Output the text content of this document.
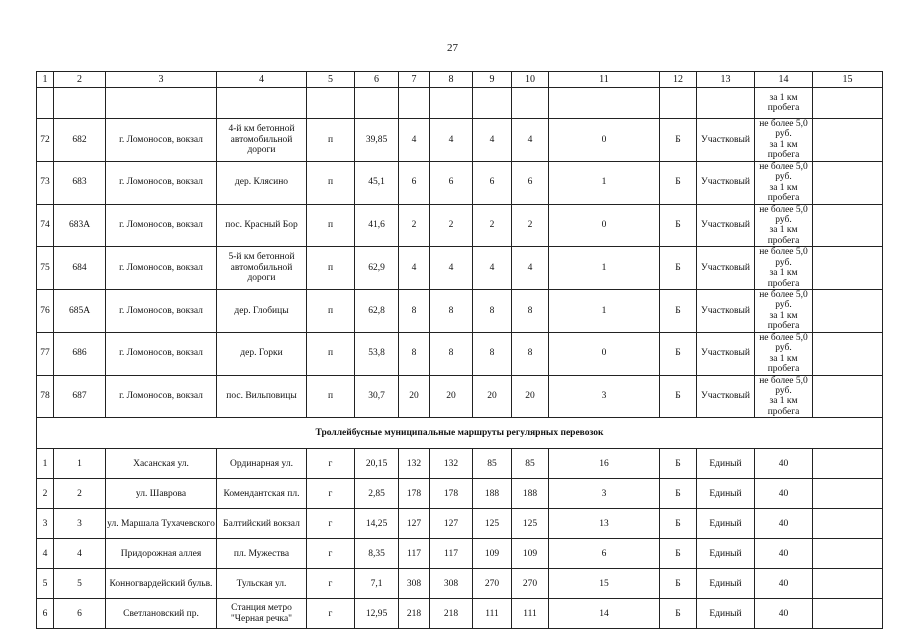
27
1	2	3	4	5	6	7	8	9	10	11	12	13	14	15

													за 1 км
пробега	

72	682	г. Ломоносов, вокзал	4-й км бетонной автомобильной дороги	п	39,85	4	4	4	4	0	Б	Участковый	не более 5,0
руб.
за 1 км
пробега	

73	683	г. Ломоносов, вокзал	дер. Клясино	п	45,1	6	6	6	6	1	Б	Участковый	не более 5,0
руб.
за 1 км
пробега	

74	683А	г. Ломоносов, вокзал	пос. Красный Бор	п	41,6	2	2	2	2	0	Б	Участковый	не более 5,0
руб.
за 1 км
пробега	

75	684	г. Ломоносов, вокзал	5-й км бетонной автомобильной дороги	п	62,9	4	4	4	4	1	Б	Участковый	не более 5,0
руб.
за 1 км
пробега	

76	685А	г. Ломоносов, вокзал	дер. Глобицы	п	62,8	8	8	8	8	1	Б	Участковый	не более 5,0
руб.
за 1 км
пробега	

77	686	г. Ломоносов, вокзал	дер. Горки	п	53,8	8	8	8	8	0	Б	Участковый	не более 5,0
руб.
за 1 км
пробега	

78	687	г. Ломоносов, вокзал	пос. Вильповицы	п	30,7	20	20	20	20	3	Б	Участковый	не более 5,0
руб.
за 1 км
пробега	

Троллейбусные муниципальные маршруты регулярных перевозок														
1	1	Хасанская ул.	Ординарная ул.	г	20,15	132	132	85	85	16	Б	Единый	40	
2	2	ул. Шаврова	Комендантская пл.	г	2,85	178	178	188	188	3	Б	Единый	40	
3	3	ул. Маршала Тухачевского	Балтийский вокзал	г	14,25	127	127	125	125	13	Б	Единый	40	
4	4	Придорожная аллея	пл. Мужества	г	8,35	117	117	109	109	6	Б	Единый	40	
5	5	Конногвардейский бульв.	Тульская ул.	г	7,1	308	308	270	270	15	Б	Единый	40	
6	6	Светлановский пр.	Станция метро "Черная речка"	г	12,95	218	218	111	111	14	Б	Единый	40	
